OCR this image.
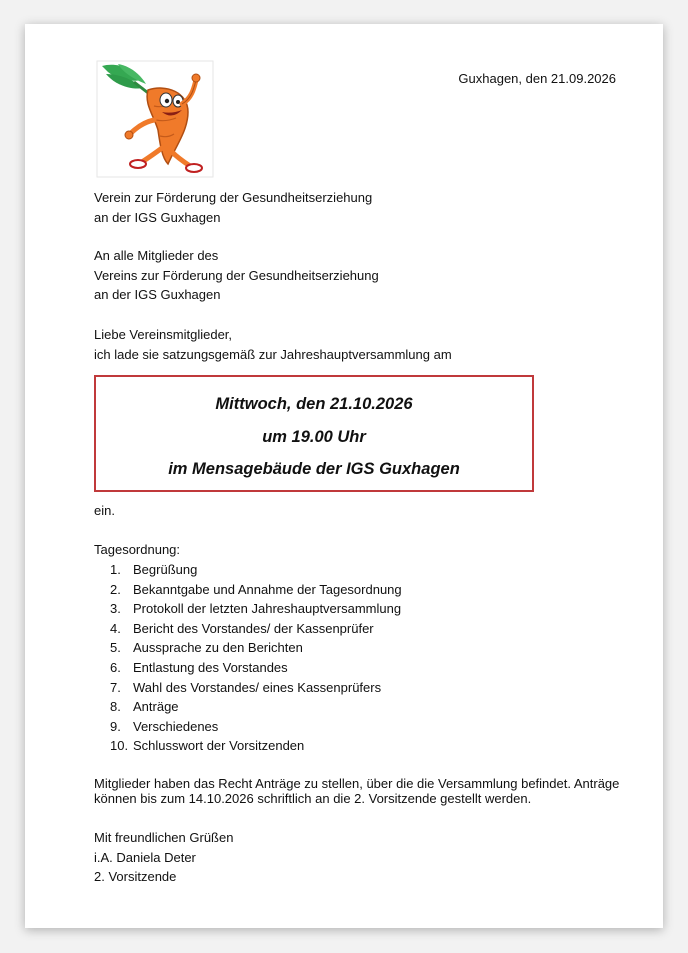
Guxhagen, den 21.09.2026

Verein zur Förderung der Gesundheitserziehung

an der IGS Guxhagen

An alle Mitglieder des

Vereins zur Förderung der Gesundheitserziehung

an der IGS Guxhagen

Liebe Vereinsmitglieder,

ich lade sie satzungsgemäß zur Jahreshauptversammlung am

Mittwoch, den 21.10.2026
um 19.00 Uhr
im Mensagebäude der IGS Guxhagen
ein.
Tagesordnung:
1. Begrüßung
2. Bekanntgabe und Annahme der Tagesordnung
3. Protokoll der letzten Jahreshauptversammlung
4. Bericht des Vorstandes/ der Kassenprüfer
5. Aussprache zu den Berichten
6. Entlastung des Vorstandes
7. Wahl des Vorstandes/ eines Kassenprüfers
8. Anträge
9. Verschiedenes
10. Schlusswort der Vorsitzenden
Mitglieder haben das Recht Anträge zu stellen, über die die Versammlung befindet. Anträge können bis zum 14.10.2026 schriftlich an die 2. Vorsitzende gestellt werden.

Mit freundlichen Grüßen

i.A. Daniela Deter

2. Vorsitzende
